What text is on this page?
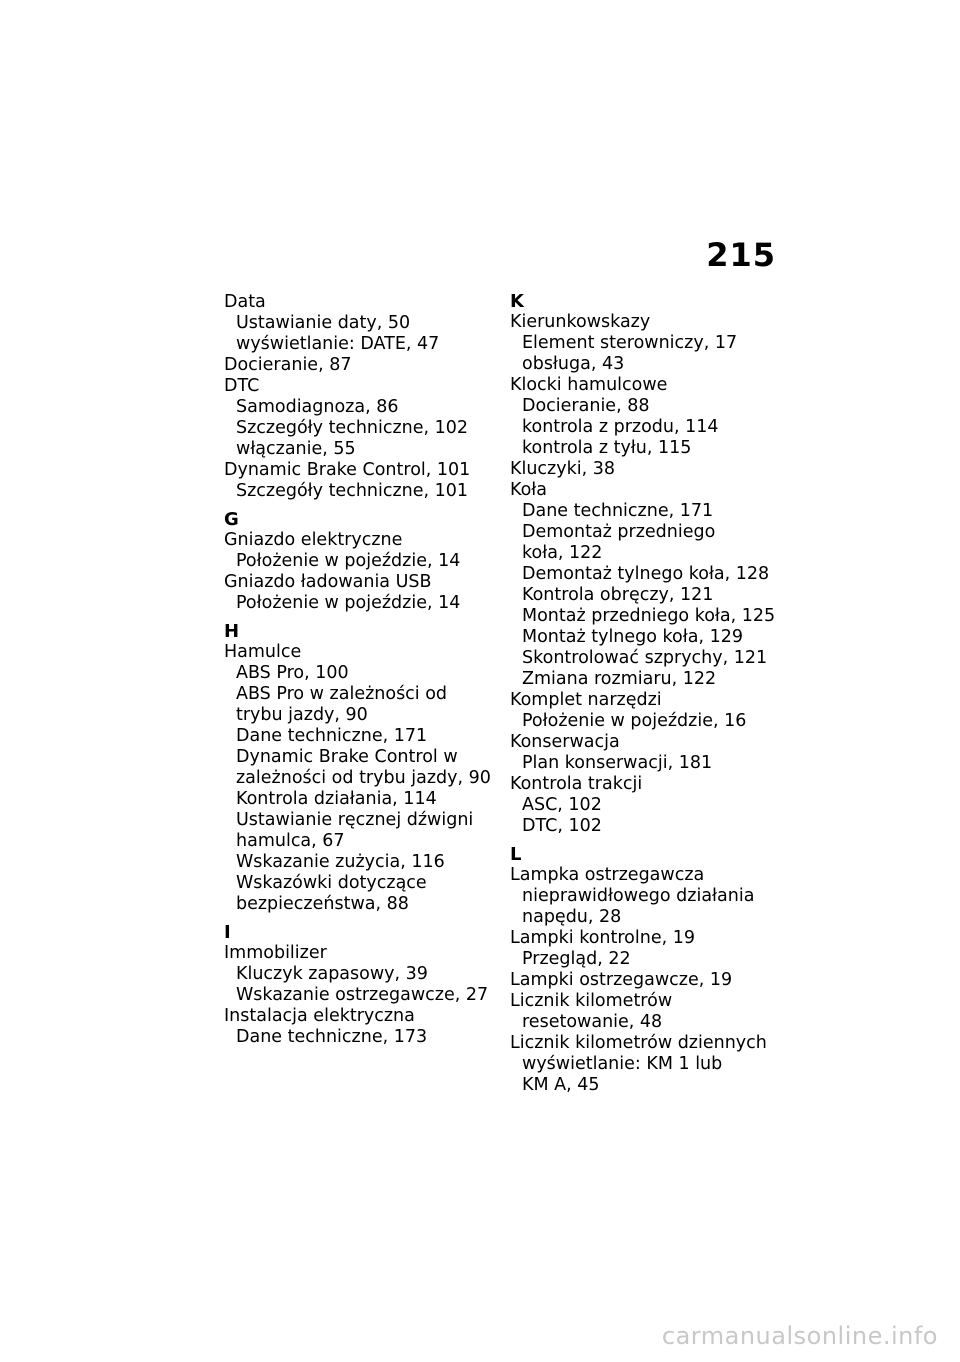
215
Data
Ustawianie daty, 50
wyświetlanie: DATE, 47
Docieranie, 87
DTC
Samodiagnoza, 86
Szczegóły techniczne, 102
włączanie, 55
Dynamic Brake Control, 101
Szczegóły techniczne, 101
G
Gniazdo elektryczne
Położenie w pojeździe, 14
Gniazdo ładowania USB
Położenie w pojeździe, 14
H
Hamulce
ABS Pro, 100
ABS Pro w zależności od
trybu jazdy, 90
Dane techniczne, 171
Dynamic Brake Control w
zależności od trybu jazdy, 90
Kontrola działania, 114
Ustawianie ręcznej dźwigni
hamulca, 67
Wskazanie zużycia, 116
Wskazówki dotyczące
bezpieczeństwa, 88
I
Immobilizer
Kluczyk zapasowy, 39
Wskazanie ostrzegawcze, 27
Instalacja elektryczna
Dane techniczne, 173
K
Kierunkowskazy
Element sterowniczy, 17
obsługa, 43
Klocki hamulcowe
Docieranie, 88
kontrola z przodu, 114
kontrola z tyłu, 115
Kluczyki, 38
Koła
Dane techniczne, 171
Demontaż przedniego
koła, 122
Demontaż tylnego koła, 128
Kontrola obręczy, 121
Montaż przedniego koła, 125
Montaż tylnego koła, 129
Skontrolować szprychy, 121
Zmiana rozmiaru, 122
Komplet narzędzi
Położenie w pojeździe, 16
Konserwacja
Plan konserwacji, 181
Kontrola trakcji
ASC, 102
DTC, 102
L
Lampka ostrzegawcza
nieprawidłowego działania
napędu, 28
Lampki kontrolne, 19
Przegląd, 22
Lampki ostrzegawcze, 19
Licznik kilometrów
resetowanie, 48
Licznik kilometrów dziennych
wyświetlanie: KM 1 lub
KM A, 45
carmanualsonline.info
